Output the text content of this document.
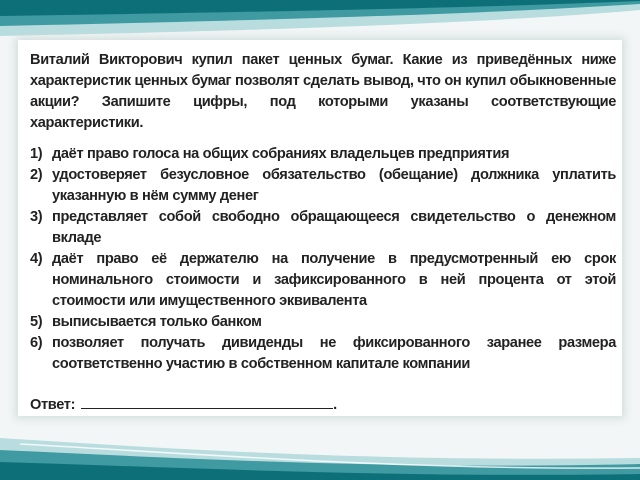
Виталий Викторович купил пакет ценных бумаг. Какие из приведённых ниже характеристик ценных бумаг позволят сделать вывод, что он купил обыкновенные акции? Запишите цифры, под которыми указаны соответствующие характеристики.

1) даёт право голоса на общих собраниях владельцев предприятия
2) удостоверяет безусловное обязательство (обещание) должника уплатить указанную в нём сумму денег
3) представляет собой свободно обращающееся свидетельство о денежном вкладе
4) даёт право её держателю на получение в предусмотренный ею срок номинального стоимости и зафиксированного в ней процента от этой стоимости или имущественного эквивалента
5) выписывается только банком
6) позволяет получать дивиденды не фиксированного заранее размера соответственно участию в собственном капитале компании
Ответ:	.
